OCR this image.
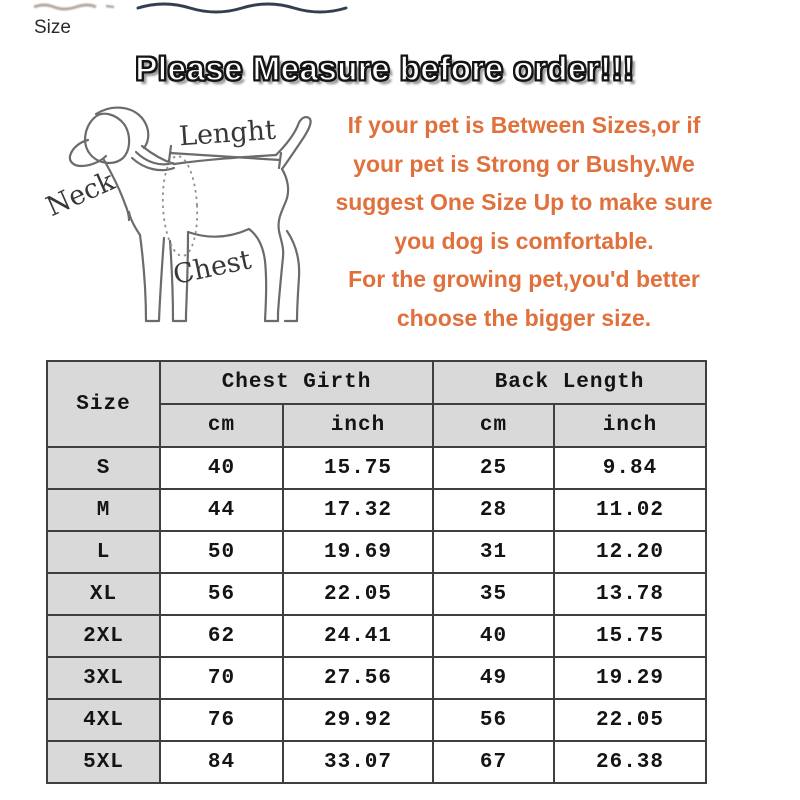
Size
Please Measure before order!!!
Lenght
Neck
Chest
If your pet is Between Sizes,or if
your pet is Strong or Bushy.We
suggest One Size Up to make sure
you dog is comfortable.
For the growing pet,you'd better
choose the bigger size.
Size	Chest Girth		Back Length	
	cm	inch	cm	inch
S	40	15.75	25	9.84
M	44	17.32	28	11.02
L	50	19.69	31	12.20
XL	56	22.05	35	13.78
2XL	62	24.41	40	15.75
3XL	70	27.56	49	19.29
4XL	76	29.92	56	22.05
5XL	84	33.07	67	26.38
